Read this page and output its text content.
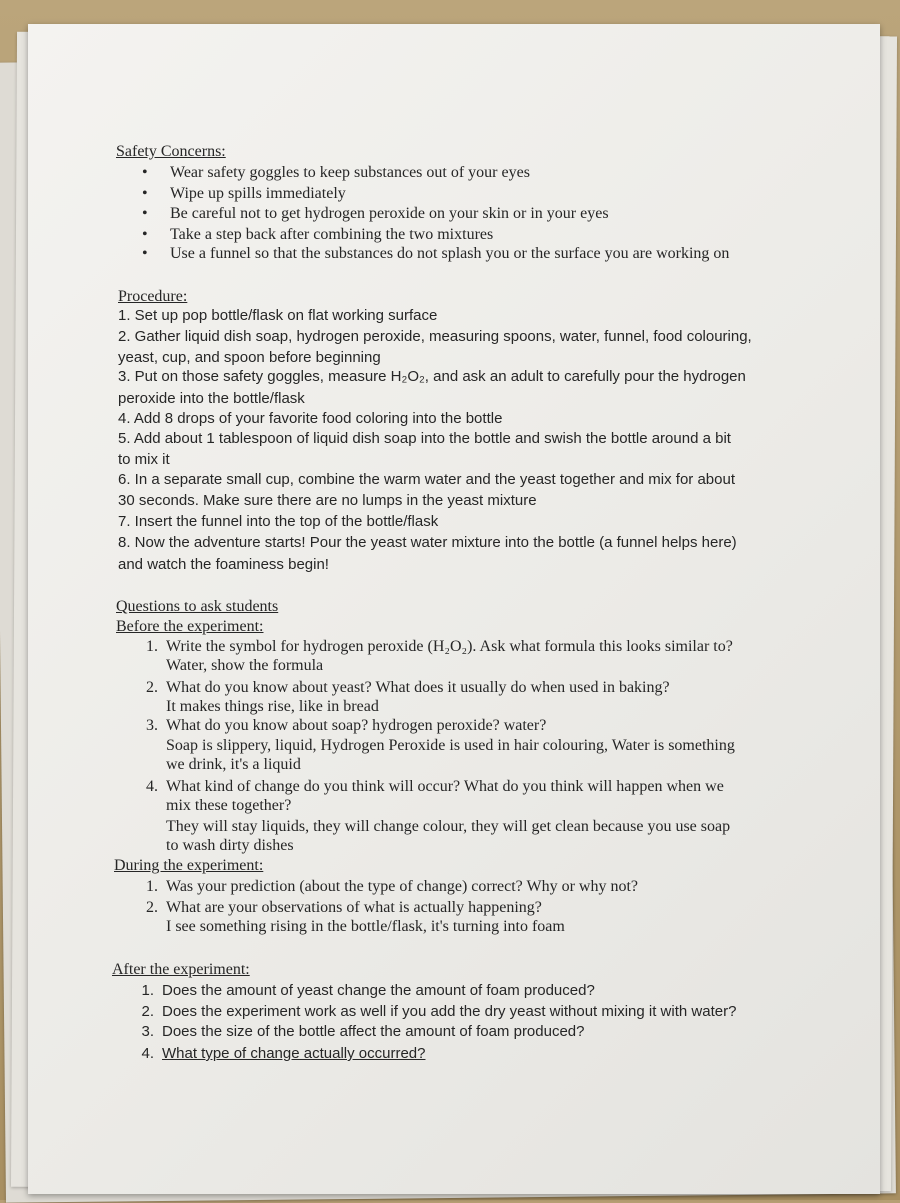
Safety Concerns:
• Wear safety goggles to keep substances out of your eyes
• Wipe up spills immediately
• Be careful not to get hydrogen peroxide on your skin or in your eyes
• Take a step back after combining the two mixtures
• Use a funnel so that the substances do not splash you or the surface you are working on
Procedure:
1. Set up pop bottle/flask on flat working surface
2. Gather liquid dish soap, hydrogen peroxide, measuring spoons, water, funnel, food colouring,
yeast, cup, and spoon before beginning
3. Put on those safety goggles, measure H₂O₂, and ask an adult to carefully pour the hydrogen
peroxide into the bottle/flask
4. Add 8 drops of your favorite food coloring into the bottle
5. Add about 1 tablespoon of liquid dish soap into the bottle and swish the bottle around a bit
to mix it
6. In a separate small cup, combine the warm water and the yeast together and mix for about
30 seconds. Make sure there are no lumps in the yeast mixture
7. Insert the funnel into the top of the bottle/flask
8. Now the adventure starts! Pour the yeast water mixture into the bottle (a funnel helps here)
and watch the foaminess begin!
Questions to ask students
Before the experiment:
1. Write the symbol for hydrogen peroxide (H₂O₂). Ask what formula this looks similar to?
Water, show the formula
2. What do you know about yeast? What does it usually do when used in baking?
It makes things rise, like in bread
3. What do you know about soap? hydrogen peroxide? water?
Soap is slippery, liquid, Hydrogen Peroxide is used in hair colouring, Water is something
we drink, it's a liquid
4. What kind of change do you think will occur? What do you think will happen when we
mix these together?
They will stay liquids, they will change colour, they will get clean because you use soap
to wash dirty dishes
During the experiment:
1. Was your prediction (about the type of change) correct? Why or why not?
2. What are your observations of what is actually happening?
I see something rising in the bottle/flask, it's turning into foam
After the experiment:
1. Does the amount of yeast change the amount of foam produced?
2. Does the experiment work as well if you add the dry yeast without mixing it with water?
3. Does the size of the bottle affect the amount of foam produced?
4. What type of change actually occurred?
